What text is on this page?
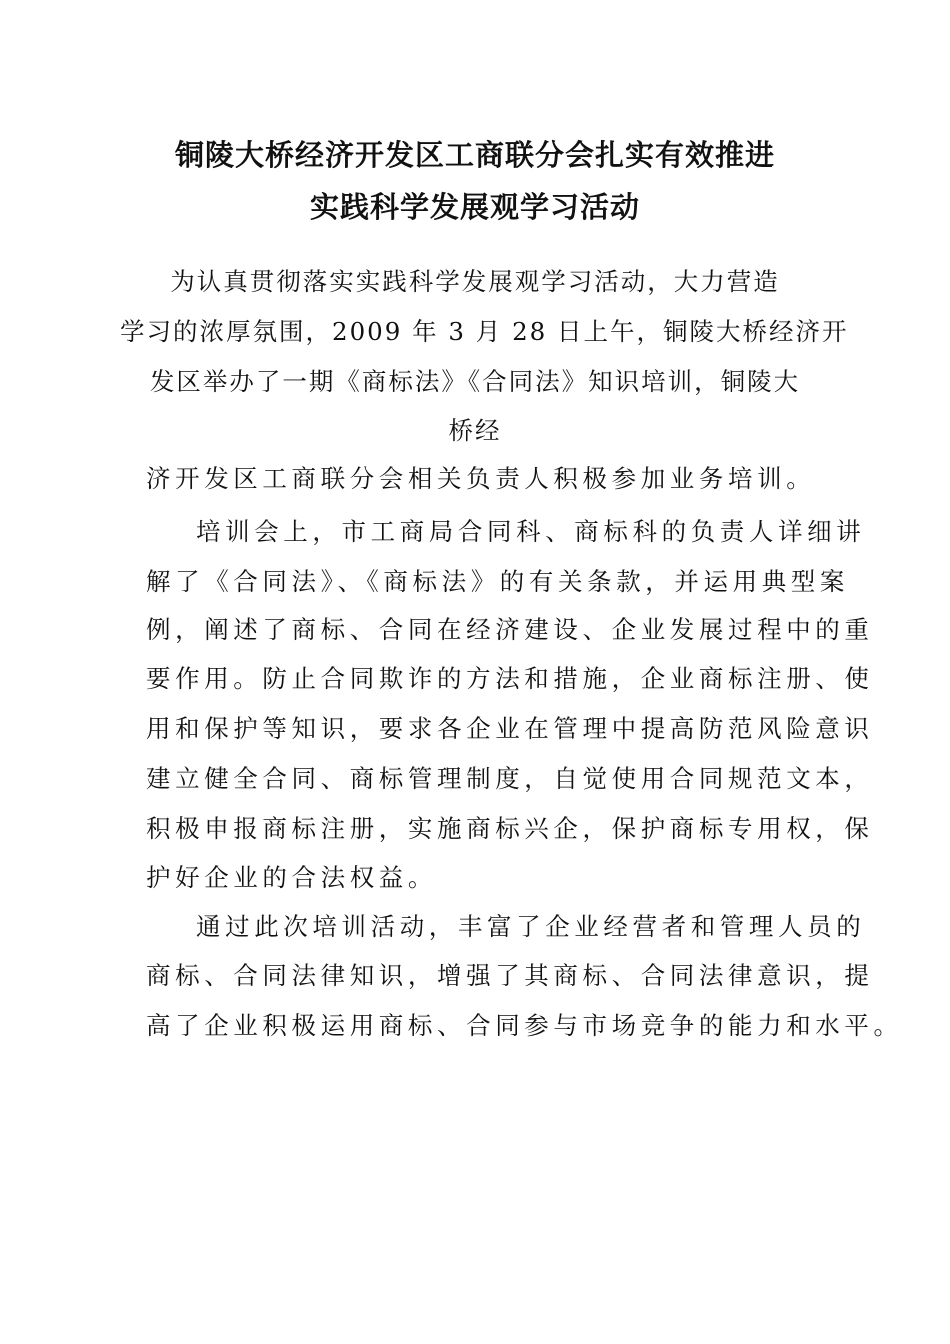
铜陵大桥经济开发区工商联分会扎实有效推进
实践科学发展观学习活动
为认真贯彻落实实践科学发展观学习活动，大力营造
学习的浓厚氛围，2009 年 3 月 28 日上午，铜陵大桥经济开
发区举办了一期《商标法》《合同法》知识培训，铜陵大
桥经
济开发区工商联分会相关负责人积极参加业务培训。
培训会上，市工商局合同科、商标科的负责人详细讲
解了《合同法》、《商标法》的有关条款，并运用典型案
例，阐述了商标、合同在经济建设、企业发展过程中的重
要作用。防止合同欺诈的方法和措施，企业商标注册、使
用和保护等知识，要求各企业在管理中提高防范风险意识
建立健全合同、商标管理制度，自觉使用合同规范文本，
积极申报商标注册，实施商标兴企，保护商标专用权，保
护好企业的合法权益。
通过此次培训活动，丰富了企业经营者和管理人员的
商标、合同法律知识，增强了其商标、合同法律意识，提
高了企业积极运用商标、合同参与市场竞争的能力和水平。
